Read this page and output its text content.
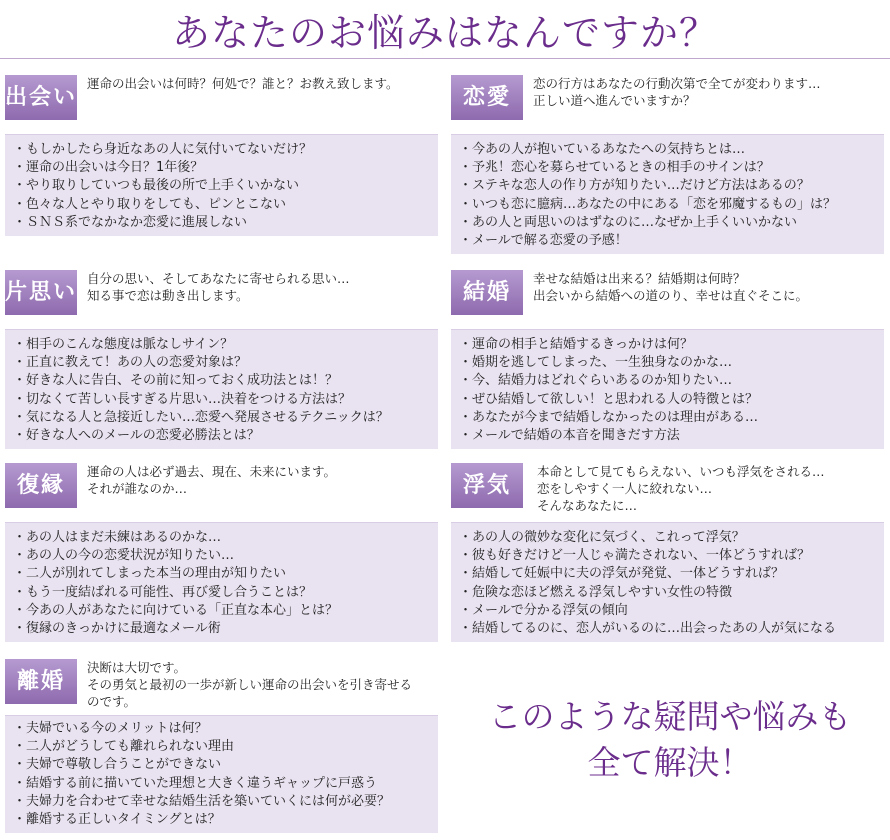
あなたのお悩みはなんですか？
出会い
運命の出会いは何時？何処で？誰と？お教え致します。
・ もしかしたら身近なあの人に気付いてないだけ？
・ 運命の出会いは今日？1年後？
・ やり取りしていつも最後の所で上手くいかない
・ 色々な人とやり取りをしても、ピンとこない
・ ＳＮＳ系でなかなか恋愛に進展しない
恋愛
恋の行方はあなたの行動次第で全てが変わります…
正しい道へ進んでいますか？
・ 今あの人が抱いているあなたへの気持ちとは…
・ 予兆！恋心を募らせているときの相手のサインは？
・ ステキな恋人の作り方が知りたい…だけど方法はあるの？
・ いつも恋に臆病…あなたの中にある「恋を邪魔するもの」は？
・ あの人と両思いのはずなのに…なぜか上手くいいかない
・ メールで解る恋愛の予感！
片思い
自分の思い、そしてあなたに寄せられる思い…
知る事で恋は動き出します。
・ 相手のこんな態度は脈なしサイン？
・ 正直に教えて！あの人の恋愛対象は？
・ 好きな人に告白、その前に知っておく成功法とは！？
・ 切なくて苦しい長すぎる片思い…決着をつける方法は？
・ 気になる人と急接近したい…恋愛へ発展させるテクニックは？
・ 好きな人へのメールの恋愛必勝法とは？
結婚
幸せな結婚は出来る？結婚期は何時？
出会いから結婚への道のり、幸せは直ぐそこに。
・ 運命の相手と結婚するきっかけは何？
・ 婚期を逃してしまった、一生独身なのかな…
・ 今、結婚力はどれぐらいあるのか知りたい…
・ ぜひ結婚して欲しい！と思われる人の特徴とは？
・ あなたが今まで結婚しなかったのは理由がある…
・ メールで結婚の本音を聞きだす方法
復縁
運命の人は必ず過去、現在、未来にいます。
それが誰なのか…
・ あの人はまだ未練はあるのかな…
・ あの人の今の恋愛状況が知りたい…
・ 二人が別れてしまった本当の理由が知りたい
・ もう一度結ばれる可能性、再び愛し合うことは？
・ 今あの人があなたに向けている「正直な本心」とは？
・ 復縁のきっかけに最適なメール術
浮気
本命として見てもらえない、いつも浮気をされる…
恋をしやすく一人に絞れない…
そんなあなたに…
・ あの人の微妙な変化に気づく、これって浮気？
・ 彼も好きだけど一人じゃ満たされない、一体どうすれば？
・ 結婚して妊娠中に夫の浮気が発覚、一体どうすれば？
・ 危険な恋ほど燃える浮気しやすい女性の特徴
・ メールで分かる浮気の傾向
・ 結婚してるのに、恋人がいるのに…出会ったあの人が気になる
離婚
決断は大切です。
その勇気と最初の一歩が新しい運命の出会いを引き寄せる
のです。
・ 夫婦でいる今のメリットは何？
・ 二人がどうしても離れられない理由
・ 夫婦で尊敬し合うことができない
・ 結婚する前に描いていた理想と大きく違うギャップに戸惑う
・ 夫婦力を合わせて幸せな結婚生活を築いていくには何が必要？
・ 離婚する正しいタイミングとは？
このような疑問や悩みも
全て解決！
